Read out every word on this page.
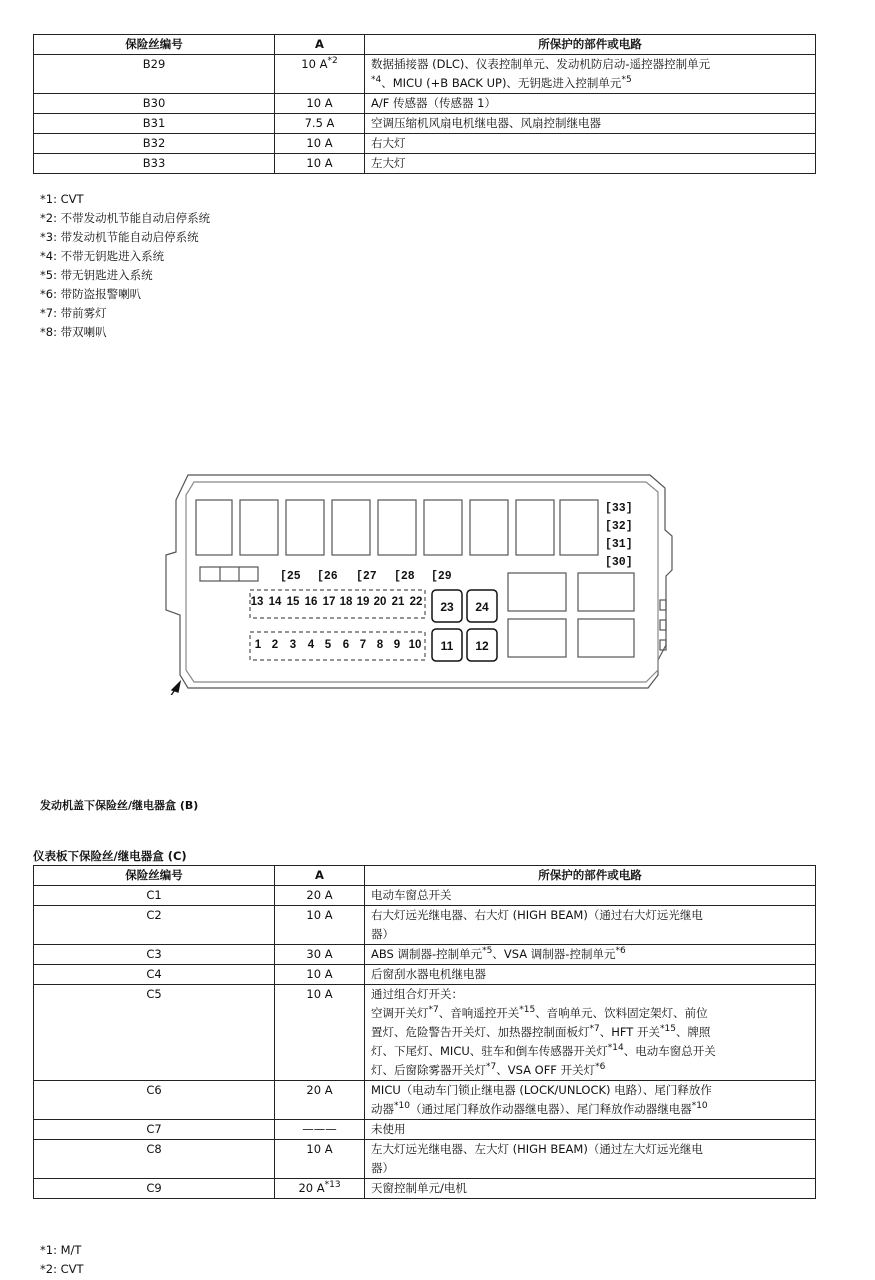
保险丝编号	A	所保护的部件或电路
B29	10 $A^{*2}$	数据插接器 (DLC)、仪表控制单元、发动机防启动-遥控器控制单元
$^{*4}$、MICU (+B BACK UP)、无钥匙进入控制单元$^{*5}$
B30	10 A	A/F 传感器（传感器 1）
B31	7.5 A	空调压缩机风扇电机继电器、风扇控制继电器
B32	10 A	右大灯
B33	10 A	左大灯
*1: CVT
*2: 不带发动机节能自动启停系统
*3: 带发动机节能自动启停系统
*4: 不带无钥匙进入系统
*5: 带无钥匙进入系统
*6: 带防盗报警喇叭
*7: 带前雾灯
*8: 带双喇叭
23 24
11 12
13 14 15 16 17 18 19 20 21 22
1 2 3 4 5 6 7 8 9 10
[25 [26 [27 [28 [29
[33]
[32]
[31]
[30]
发动机盖下保险丝/继电器盒 (B)
仪表板下保险丝/继电器盒 (C)
保险丝编号	A	所保护的部件或电路
C1	20 A	电动车窗总开关
C2	10 A	右大灯远光继电器、右大灯 (HIGH BEAM)（通过右大灯远光继电
器）
C3	30 A	ABS 调制器-控制单元$^{*5}$、VSA 调制器-控制单元$^{*6}$
C4	10 A	后窗刮水器电机继电器
C5	10 A	通过组合灯开关：
空调开关灯$^{*7}$、音响遥控开关$^{*15}$、音响单元、饮料固定架灯、前位
置灯、危险警告开关灯、加热器控制面板灯$^{*7}$、HFT 开关$^{*15}$、牌照
灯、下尾灯、MICU、驻车和倒车传感器开关灯$^{*14}$、电动车窗总开关
灯、后窗除雾器开关灯$^{*7}$、VSA OFF 开关灯$^{*6}$
C6	20 A	MICU（电动车门锁止继电器 (LOCK/UNLOCK) 电路）、尾门释放作
动器$^{*10}$（通过尾门释放作动器继电器）、尾门释放作动器继电器$^{*10}$
C7	———	未使用
C8	10 A	左大灯远光继电器、左大灯 (HIGH BEAM)（通过左大灯远光继电
器）
C9	20 $A^{*13}$	天窗控制单元/电机
*1: M/T
*2: CVT
